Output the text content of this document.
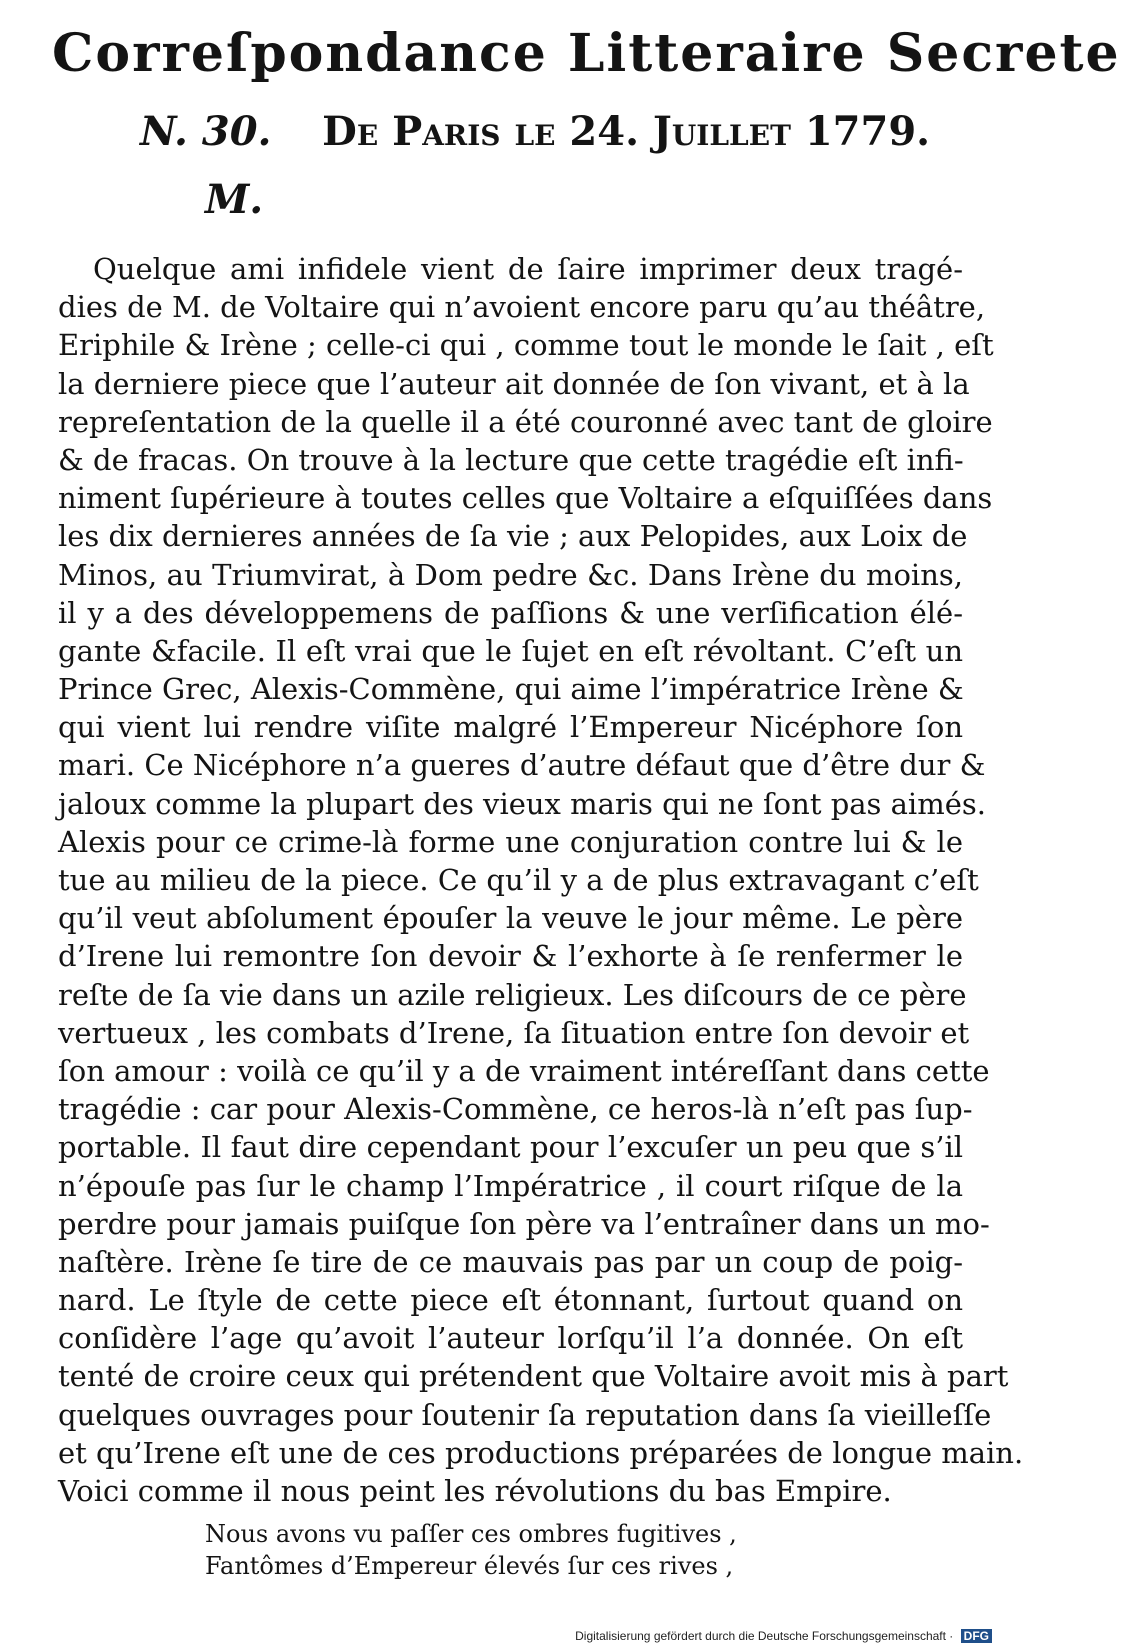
Correſpondance Litteraire Secrete
N. 30. De Paris le 24. Juillet 1779.
M.
Quelque ami infidele vient de ſaire imprimer deux tragé-
dies de M. de Voltaire qui n’avoient encore paru qu’au théâtre,
Eriphile & Irène ; celle-ci qui , comme tout le monde le ſait , eſt
la derniere piece que l’auteur ait donnée de ſon vivant, et à la
repreſentation de la quelle il a été couronné avec tant de gloire
& de fracas. On trouve à la lecture que cette tragédie eſt infi-
niment ſupérieure à toutes celles que Voltaire a eſquiſſées dans
les dix dernieres années de ſa vie ; aux Pelopides, aux Loix de
Minos, au Triumvirat, à Dom pedre &c. Dans Irène du moins,
il y a des développemens de paſſions & une verſification élé-
gante &facile. Il eſt vrai que le ſujet en eſt révoltant. C’eſt un
Prince Grec, Alexis-Commène, qui aime l’impératrice Irène &
qui vient lui rendre viſite malgré l’Empereur Nicéphore ſon
mari. Ce Nicéphore n’a gueres d’autre défaut que d’être dur &
jaloux comme la plupart des vieux maris qui ne ſont pas aimés.
Alexis pour ce crime-là forme une conjuration contre lui & le
tue au milieu de la piece. Ce qu’il y a de plus extravagant c’eſt
qu’il veut abſolument épouſer la veuve le jour même. Le père
d’Irene lui remontre ſon devoir & l’exhorte à ſe renfermer le
reſte de ſa vie dans un azile religieux. Les diſcours de ce père
vertueux , les combats d’Irene, ſa ſituation entre ſon devoir et
ſon amour : voilà ce qu’il y a de vraiment intéreſſant dans cette
tragédie : car pour Alexis-Commène, ce heros-là n’eſt pas ſup-
portable. Il faut dire cependant pour l’excuſer un peu que s’il
n’épouſe pas ſur le champ l’Impératrice , il court riſque de la
perdre pour jamais puiſque ſon père va l’entraîner dans un mo-
naſtère. Irène ſe tire de ce mauvais pas par un coup de poig-
nard. Le ſtyle de cette piece eſt étonnant, ſurtout quand on
conſidère l’age qu’avoit l’auteur lorſqu’il l’a donnée. On eſt
tenté de croire ceux qui prétendent que Voltaire avoit mis à part
quelques ouvrages pour ſoutenir ſa reputation dans ſa vieilleſſe
et qu’Irene eſt une de ces productions préparées de longue main.
Voici comme il nous peint les révolutions du bas Empire.
Nous avons vu paſſer ces ombres fugitives ,
Fantômes d’Empereur élevés ſur ces rives ,
Digitalisierung gefördert durch die Deutsche Forschungsgemeinschaft · DFG
